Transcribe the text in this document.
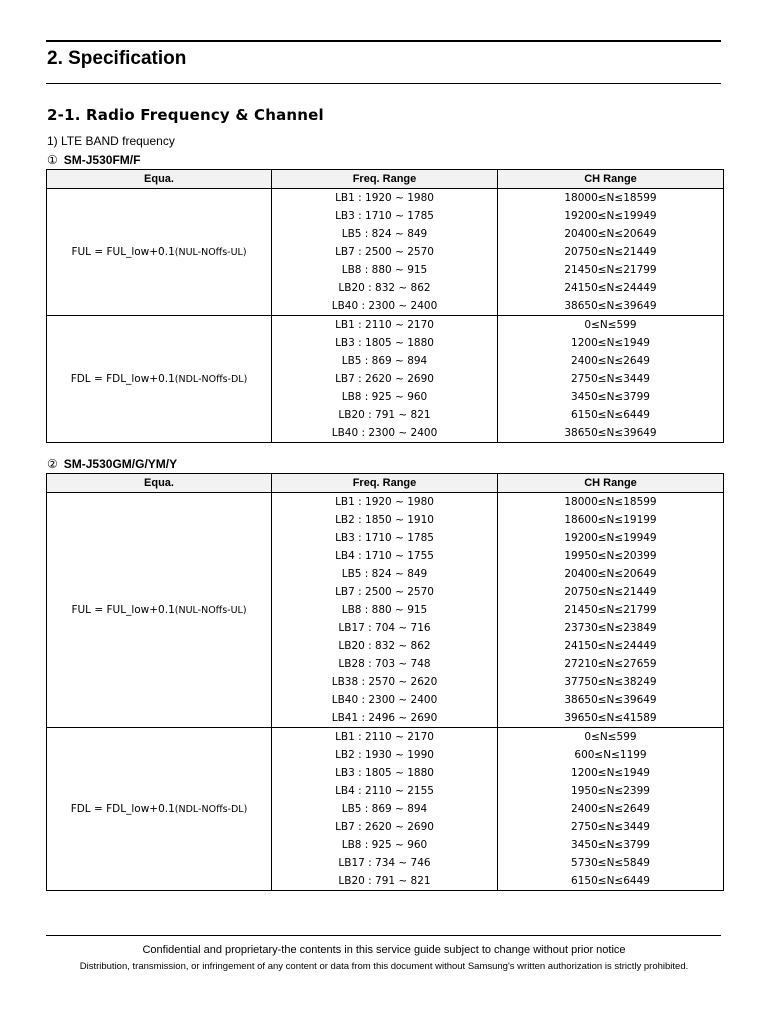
2. Specification
2-1. Radio Frequency & Channel
1) LTE BAND frequency
① SM-J530FM/F
Equa.	Freq. Range	CH Range
FUL = FUL_low+0.1(NUL-NOffs-UL)	LB1 : 1920 ~ 1980	18000≤N≤18599
	LB3 : 1710 ~ 1785	19200≤N≤19949
	LB5 : 824 ~ 849	20400≤N≤20649
	LB7 : 2500 ~ 2570	20750≤N≤21449
	LB8 : 880 ~ 915	21450≤N≤21799
	LB20 : 832 ~ 862	24150≤N≤24449
	LB40 : 2300 ~ 2400	38650≤N≤39649
FDL = FDL_low+0.1(NDL-NOffs-DL)	LB1 : 2110 ~ 2170	0≤N≤599
	LB3 : 1805 ~ 1880	1200≤N≤1949
	LB5 : 869 ~ 894	2400≤N≤2649
	LB7 : 2620 ~ 2690	2750≤N≤3449
	LB8 : 925 ~ 960	3450≤N≤3799
	LB20 : 791 ~ 821	6150≤N≤6449
	LB40 : 2300 ~ 2400	38650≤N≤39649
② SM-J530GM/G/YM/Y
Equa.	Freq. Range	CH Range
FUL = FUL_low+0.1(NUL-NOffs-UL)	LB1 : 1920 ~ 1980	18000≤N≤18599
	LB2 : 1850 ~ 1910	18600≤N≤19199
	LB3 : 1710 ~ 1785	19200≤N≤19949
	LB4 : 1710 ~ 1755	19950≤N≤20399
	LB5 : 824 ~ 849	20400≤N≤20649
	LB7 : 2500 ~ 2570	20750≤N≤21449
	LB8 : 880 ~ 915	21450≤N≤21799
	LB17 : 704 ~ 716	23730≤N≤23849
	LB20 : 832 ~ 862	24150≤N≤24449
	LB28 : 703 ~ 748	27210≤N≤27659
	LB38 : 2570 ~ 2620	37750≤N≤38249
	LB40 : 2300 ~ 2400	38650≤N≤39649
	LB41 : 2496 ~ 2690	39650≤N≤41589
FDL = FDL_low+0.1(NDL-NOffs-DL)	LB1 : 2110 ~ 2170	0≤N≤599
	LB2 : 1930 ~ 1990	600≤N≤1199
	LB3 : 1805 ~ 1880	1200≤N≤1949
	LB4 : 2110 ~ 2155	1950≤N≤2399
	LB5 : 869 ~ 894	2400≤N≤2649
	LB7 : 2620 ~ 2690	2750≤N≤3449
	LB8 : 925 ~ 960	3450≤N≤3799
	LB17 : 734 ~ 746	5730≤N≤5849
	LB20 : 791 ~ 821	6150≤N≤6449
Confidential and proprietary-the contents in this service guide subject to change without prior notice
Distribution, transmission, or infringement of any content or data from this document without Samsung's written authorization is strictly prohibited.
